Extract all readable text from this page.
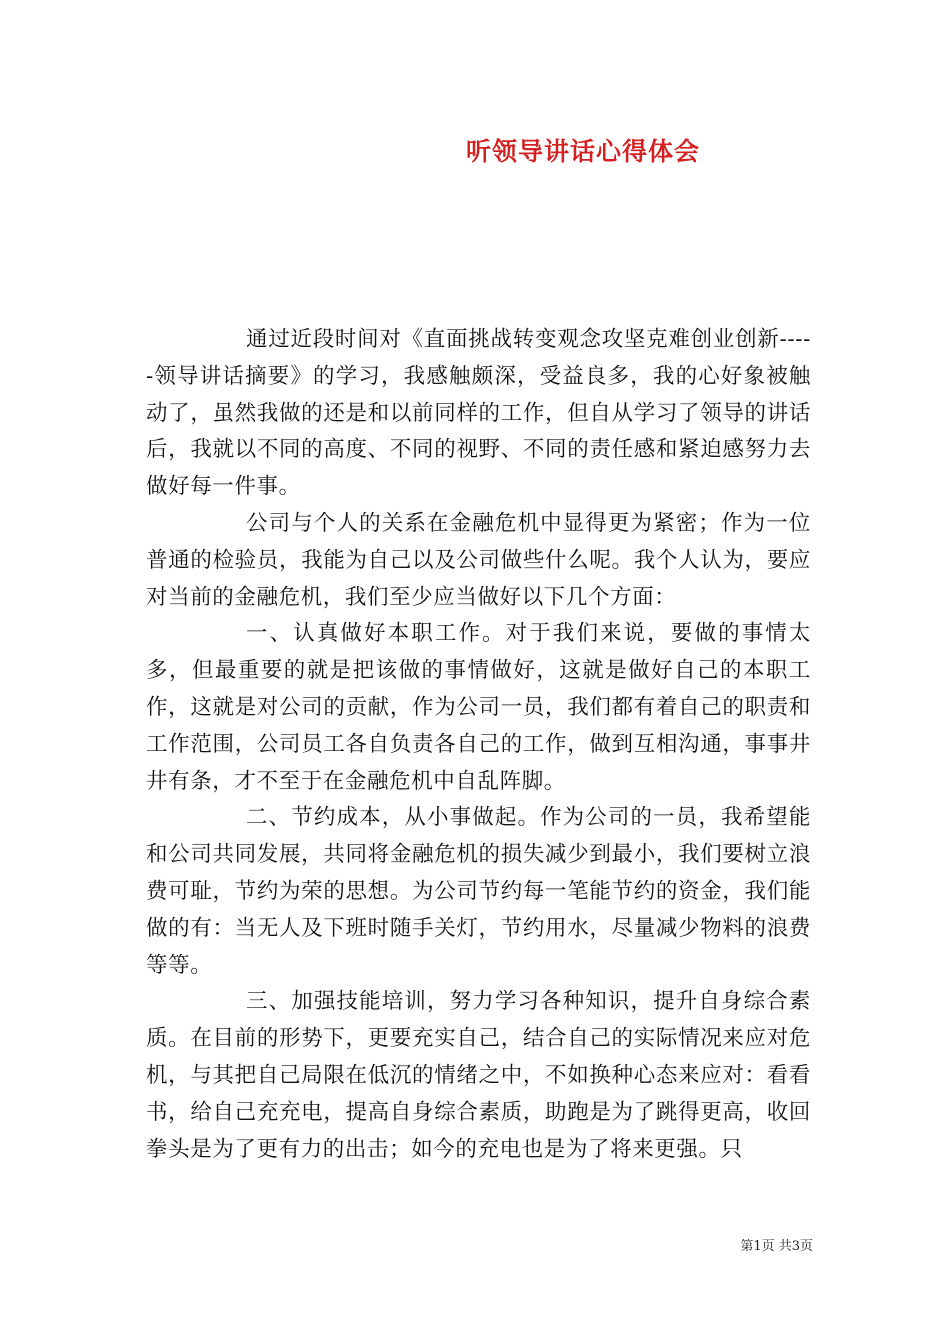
听领导讲话心得体会

通过近段时间对《直面挑战转变观念攻坚克难创业创新-----领导讲话摘要》的学习，我感触颇深，受益良多，我的心好象被触动了，虽然我做的还是和以前同样的工作，但自从学习了领导的讲话后，我就以不同的高度、不同的视野、不同的责任感和紧迫感努力去做好每一件事。

公司与个人的关系在金融危机中显得更为紧密；作为一位普通的检验员，我能为自己以及公司做些什么呢。我个人认为，要应对当前的金融危机，我们至少应当做好以下几个方面：

一、认真做好本职工作。对于我们来说，要做的事情太多，但最重要的就是把该做的事情做好，这就是做好自己的本职工作，这就是对公司的贡献，作为公司一员，我们都有着自己的职责和工作范围，公司员工各自负责各自己的工作，做到互相沟通，事事井井有条，才不至于在金融危机中自乱阵脚。

二、节约成本，从小事做起。作为公司的一员，我希望能和公司共同发展，共同将金融危机的损失减少到最小，我们要树立浪费可耻，节约为荣的思想。为公司节约每一笔能节约的资金，我们能做的有：当无人及下班时随手关灯，节约用水，尽量减少物料的浪费等等。

三、加强技能培训，努力学习各种知识，提升自身综合素质。在目前的形势下，更要充实自己，结合自己的实际情况来应对危机，与其把自己局限在低沉的情绪之中，不如换种心态来应对：看看书，给自己充充电，提高自身综合素质，助跑是为了跳得更高，收回拳头是为了更有力的出击；如今的充电也是为了将来更强。只

第1页 共3页
